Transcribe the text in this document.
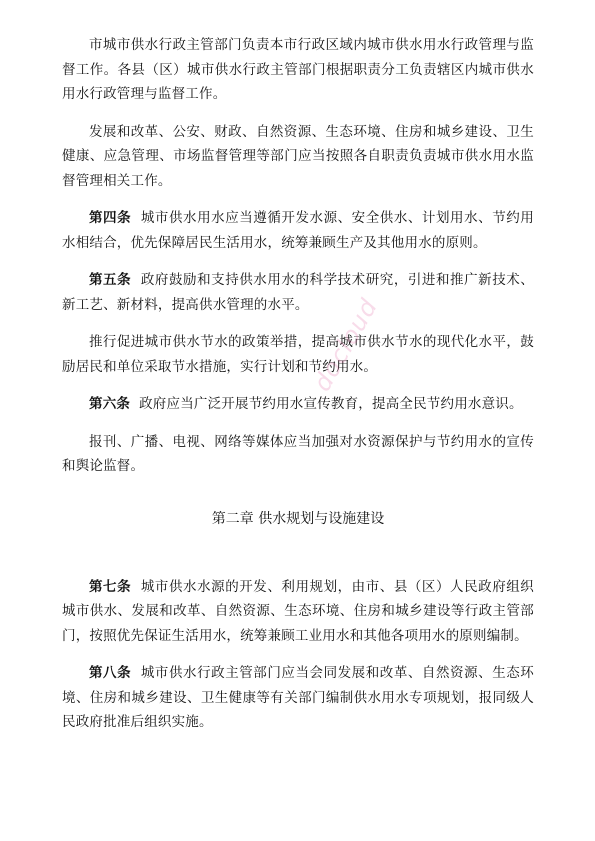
市城市供水行政主管部门负责本市行政区域内城市供水用水行政管理与监督工作。各县（区）城市供水行政主管部门根据职责分工负责辖区内城市供水用水行政管理与监督工作。

发展和改革、公安、财政、自然资源、生态环境、住房和城乡建设、卫生健康、应急管理、市场监督管理等部门应当按照各自职责负责城市供水用水监督管理相关工作。

第四条 城市供水用水应当遵循开发水源、安全供水、计划用水、节约用水相结合，优先保障居民生活用水，统筹兼顾生产及其他用水的原则。

第五条 政府鼓励和支持供水用水的科学技术研究，引进和推广新技术、新工艺、新材料，提高供水管理的水平。

推行促进城市供水节水的政策举措，提高城市供水节水的现代化水平，鼓励居民和单位采取节水措施，实行计划和节约用水。

第六条 政府应当广泛开展节约用水宣传教育，提高全民节约用水意识。

报刊、广播、电视、网络等媒体应当加强对水资源保护与节约用水的宣传和舆论监督。

第二章 供水规划与设施建设

第七条 城市供水水源的开发、利用规划，由市、县（区）人民政府组织城市供水、发展和改革、自然资源、生态环境、住房和城乡建设等行政主管部门，按照优先保证生活用水，统筹兼顾工业用水和其他各项用水的原则编制。

第八条 城市供水行政主管部门应当会同发展和改革、自然资源、生态环境、住房和城乡建设、卫生健康等有关部门编制供水用水专项规划，报同级人民政府批准后组织实施。

docloud
